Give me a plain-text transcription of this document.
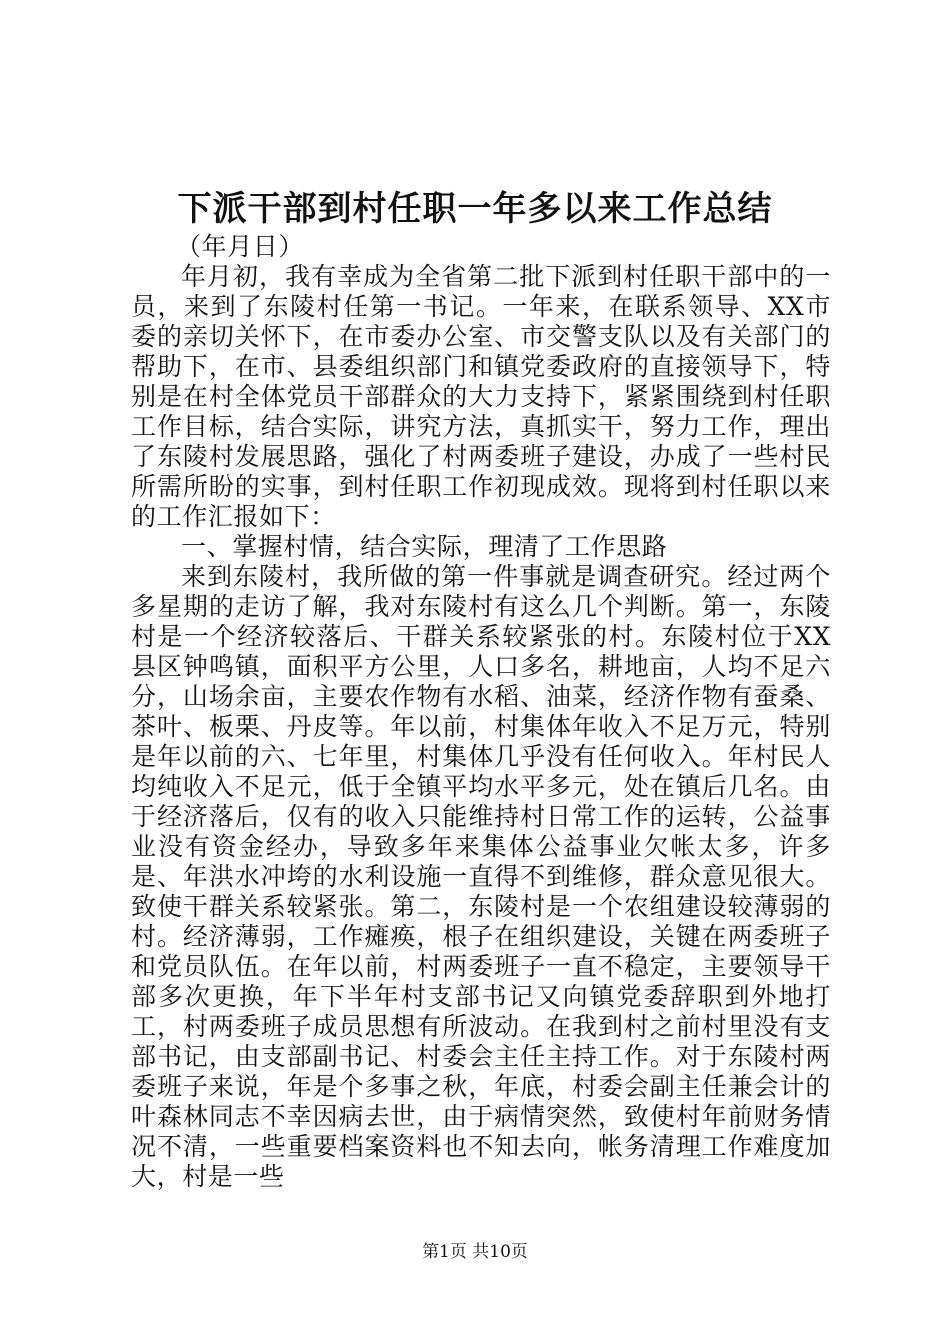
下派干部到村任职一年多以来工作总结

（年月日）

年月初，我有幸成为全省第二批下派到村任职干部中的一员，来到了东陵村任第一书记。一年来，在联系领导、XX市委的亲切关怀下，在市委办公室、市交警支队以及有关部门的帮助下，在市、县委组织部门和镇党委政府的直接领导下，特别是在村全体党员干部群众的大力支持下，紧紧围绕到村任职工作目标，结合实际，讲究方法，真抓实干，努力工作，理出了东陵村发展思路，强化了村两委班子建设，办成了一些村民所需所盼的实事，到村任职工作初现成效。现将到村任职以来的工作汇报如下：

一、掌握村情，结合实际，理清了工作思路

来到东陵村，我所做的第一件事就是调查研究。经过两个多星期的走访了解，我对东陵村有这么几个判断。第一，东陵村是一个经济较落后、干群关系较紧张的村。东陵村位于XX县区钟鸣镇，面积平方公里，人口多名，耕地亩，人均不足六分，山场余亩，主要农作物有水稻、油菜，经济作物有蚕桑、茶叶、板栗、丹皮等。年以前，村集体年收入不足万元，特别是年以前的六、七年里，村集体几乎没有任何收入。年村民人均纯收入不足元，低于全镇平均水平多元，处在镇后几名。由于经济落后，仅有的收入只能维持村日常工作的运转，公益事业没有资金经办，导致多年来集体公益事业欠帐太多，许多是、年洪水冲垮的水利设施一直得不到维修，群众意见很大。致使干群关系较紧张。第二，东陵村是一个农组建设较薄弱的村。经济薄弱，工作瘫痪，根子在组织建设，关键在两委班子和党员队伍。在年以前，村两委班子一直不稳定，主要领导干部多次更换，年下半年村支部书记又向镇党委辞职到外地打工，村两委班子成员思想有所波动。在我到村之前村里没有支部书记，由支部副书记、村委会主任主持工作。对于东陵村两委班子来说，年是个多事之秋，年底，村委会副主任兼会计的叶森林同志不幸因病去世，由于病情突然，致使村年前财务情况不清，一些重要档案资料也不知去向，帐务清理工作难度加大，村是一些

第1页 共10页
